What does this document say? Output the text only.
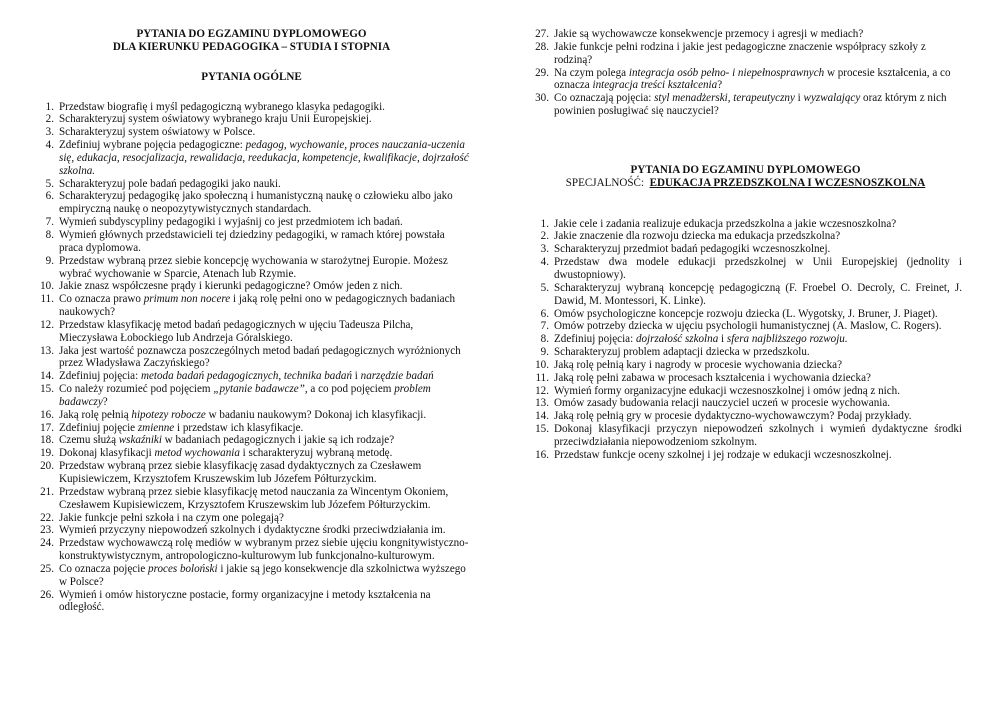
PYTANIA DO EGZAMINU DYPLOMOWEGO

DLA KIERUNKU PEDAGOGIKA – STUDIA I STOPNIA

PYTANIA OGÓLNE

1 . Przedstaw biografię i myśl pedagogiczną wybranego klasyka pedagogiki.
2 . Scharakteryzuj system oświatowy wybranego kraju Unii Europejskiej.
3 . Scharakteryzuj system oświatowy w Polsce.
4 . Zdefiniuj wybrane pojęcia pedagogiczne: pedagog, wychowanie, proces nauczania-uczenia się, edukacja, resocjalizacja, rewalidacja, reedukacja, kompetencje, kwalifikacje, dojrzałość szkolna.
5 . Scharakteryzuj pole badań pedagogiki jako nauki.
6 . Scharakteryzuj pedagogikę jako społeczną i humanistyczną naukę o człowieku albo jako empiryczną naukę o neopozytywistycznych standardach.
7 . Wymień subdyscypliny pedagogiki i wyjaśnij co jest przedmiotem ich badań.
8 . Wymień głównych przedstawicieli tej dziedziny pedagogiki, w ramach której powstała praca dyplomowa.
9 . Przedstaw wybraną przez siebie koncepcję wychowania w starożytnej Europie. Możesz wybrać wychowanie w Sparcie, Atenach lub Rzymie.
10 . Jakie znasz współczesne prądy i kierunki pedagogiczne? Omów jeden z nich.
11 . Co oznacza prawo primum non nocere i jaką rolę pełni ono w pedagogicznych badaniach naukowych?
12 . Przedstaw klasyfikację metod badań pedagogicznych w ujęciu Tadeusza Pilcha, Mieczysława Łobockiego lub Andrzeja Góralskiego.
13 . Jaka jest wartość poznawcza poszczególnych metod badań pedagogicznych wyróżnionych przez Władysława Zaczyńskiego?
14 . Zdefiniuj pojęcia: metoda badań pedagogicznych, technika badań i narzędzie badań
15 . Co należy rozumieć pod pojęciem „pytanie badawcze”, a co pod pojęciem problem badawczy?
16 . Jaką rolę pełnią hipotezy robocze w badaniu naukowym? Dokonaj ich klasyfikacji.
17 . Zdefiniuj pojęcie zmienne i przedstaw ich klasyfikacje.
18 . Czemu służą wskaźniki w badaniach pedagogicznych i jakie są ich rodzaje?
19 . Dokonaj klasyfikacji metod wychowania i scharakteryzuj wybraną metodę.
20 . Przedstaw wybraną przez siebie klasyfikację zasad dydaktycznych za Czesławem Kupisiewiczem, Krzysztofem Kruszewskim lub Józefem Półturzyckim.
21 . Przedstaw wybraną przez siebie klasyfikację metod nauczania za Wincentym Okoniem, Czesławem Kupisiewiczem, Krzysztofem Kruszewskim lub Józefem Półturzyckim.
22 . Jakie funkcje pełni szkoła i na czym one polegają?
23 . Wymień przyczyny niepowodzeń szkolnych i dydaktyczne środki przeciwdziałania im.
24 . Przedstaw wychowawczą rolę mediów w wybranym przez siebie ujęciu kongnitywistyczno-konstruktywistycznym, antropologiczno-kulturowym lub funkcjonalno-kulturowym.
25 . Co oznacza pojęcie proces boloński i jakie są jego konsekwencje dla szkolnictwa wyższego w Polsce?
26 . Wymień i omów historyczne postacie, formy organizacyjne i metody kształcenia na odległość.
27 . Jakie są wychowawcze konsekwencje przemocy i agresji w mediach?
28 . Jakie funkcje pełni rodzina i jakie jest pedagogiczne znaczenie współpracy szkoły z rodziną?
29 . Na czym polega integracja osób pełno- i niepełnosprawnych w procesie kształcenia, a co oznacza integracja treści kształcenia?
30 . Co oznaczają pojęcia: styl menadżerski, terapeutyczny i wyzwalający oraz którym z nich powinien posługiwać się nauczyciel?

PYTANIA DO EGZAMINU DYPLOMOWEGO

SPECJALNOŚĆ: EDUKACJA PRZEDSZKOLNA I WCZESNOSZKOLNA

1 . Jakie cele i zadania realizuje edukacja przedszkolna a jakie wczesnoszkolna?
2 . Jakie znaczenie dla rozwoju dziecka ma edukacja przedszkolna?
3 . Scharakteryzuj przedmiot badań pedagogiki wczesnoszkolnej.
4 . Przedstaw dwa modele edukacji przedszkolnej w Unii Europejskiej (jednolity i dwustopniowy).
5 . Scharakteryzuj wybraną koncepcję pedagogiczną (F. Froebel O. Decroly, C. Freinet, J. Dawid, M. Montessori, K. Linke).
6 . Omów psychologiczne koncepcje rozwoju dziecka (L. Wygotsky, J. Bruner, J. Piaget).
7 . Omów potrzeby dziecka w ujęciu psychologii humanistycznej (A. Maslow, C. Rogers).
8 . Zdefiniuj pojęcia: dojrzałość szkolna i sfera najbliższego rozwoju.
9 . Scharakteryzuj problem adaptacji dziecka w przedszkolu.
10 . Jaką rolę pełnią kary i nagrody w procesie wychowania dziecka?
11 . Jaką rolę pełni zabawa w procesach kształcenia i wychowania dziecka?
12 . Wymień formy organizacyjne edukacji wczesnoszkolnej i omów jedną z nich.
13 . Omów zasady budowania relacji nauczyciel uczeń w procesie wychowania.
14 . Jaką rolę pełnią gry w procesie dydaktyczno-wychowawczym? Podaj przykłady.
15 . Dokonaj klasyfikacji przyczyn niepowodzeń szkolnych i wymień dydaktyczne środki przeciwdziałania niepowodzeniom szkolnym.
16 . Przedstaw funkcje oceny szkolnej i jej rodzaje w edukacji wczesnoszkolnej.
